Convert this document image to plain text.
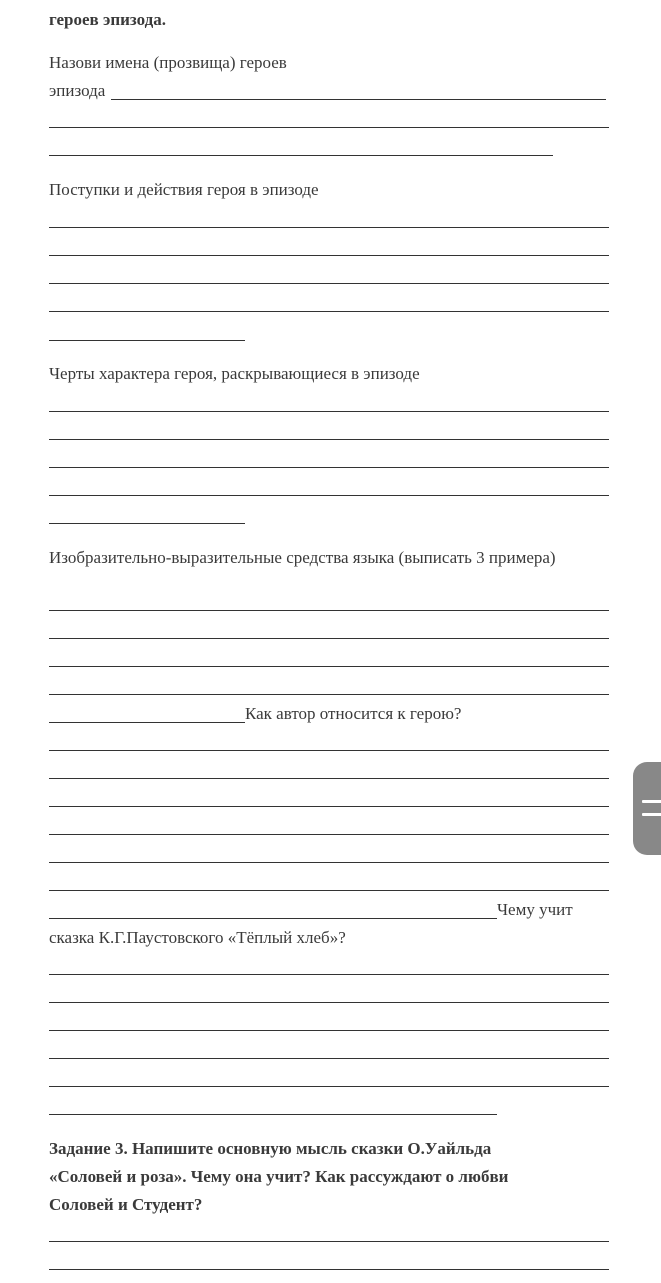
героев эпизода.
Назови имена (прозвища) героев
эпизода
Поступки и действия героя в эпизоде
Черты характера героя, раскрывающиеся в эпизоде
Изобразительно-выразительные средства языка (выписать 3 примера)
Как автор относится к герою?
Чему учит
сказка К.Г.Паустовского «Тёплый хлеб»?
Задание 3. Напишите основную мысль сказки О.Уайльда
«Соловей и роза». Чему она учит? Как рассуждают о любви
Соловей и Студент?
